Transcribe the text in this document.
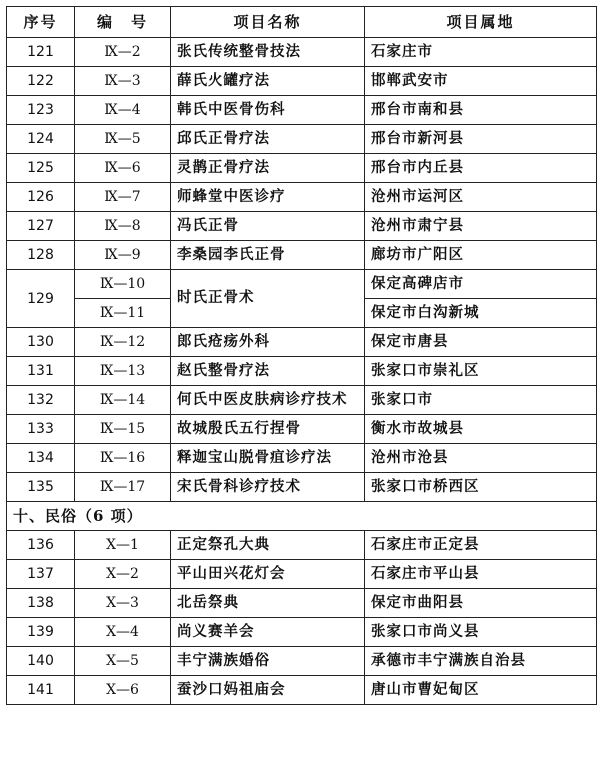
序号	编　号	项目名称	项目属地
121	Ⅸ—2	张氏传统整骨技法	石家庄市
122	Ⅸ—3	薛氏火罐疗法	邯郸武安市
123	Ⅸ—4	韩氏中医骨伤科	邢台市南和县
124	Ⅸ—5	邱氏正骨疗法	邢台市新河县
125	Ⅸ—6	灵鹊正骨疗法	邢台市内丘县
126	Ⅸ—7	师蜂堂中医诊疗	沧州市运河区
127	Ⅸ—8	冯氏正骨	沧州市肃宁县
128	Ⅸ—9	李桑园李氏正骨	廊坊市广阳区
129	Ⅸ—10	时氏正骨术	保定高碑店市
	Ⅸ—11		保定市白沟新城
130	Ⅸ—12	郎氏疮疡外科	保定市唐县
131	Ⅸ—13	赵氏整骨疗法	张家口市崇礼区
132	Ⅸ—14	何氏中医皮肤病诊疗技术	张家口市
133	Ⅸ—15	故城殷氏五行捏骨	衡水市故城县
134	Ⅸ—16	释迦宝山脱骨疽诊疗法	沧州市沧县
135	Ⅸ—17	宋氏骨科诊疗技术	张家口市桥西区
十、民俗（6 项）			
136	Ⅹ—1	正定祭孔大典	石家庄市正定县
137	Ⅹ—2	平山田兴花灯会	石家庄市平山县
138	Ⅹ—3	北岳祭典	保定市曲阳县
139	Ⅹ—4	尚义赛羊会	张家口市尚义县
140	Ⅹ—5	丰宁满族婚俗	承德市丰宁满族自治县
141	Ⅹ—6	蚕沙口妈祖庙会	唐山市曹妃甸区
